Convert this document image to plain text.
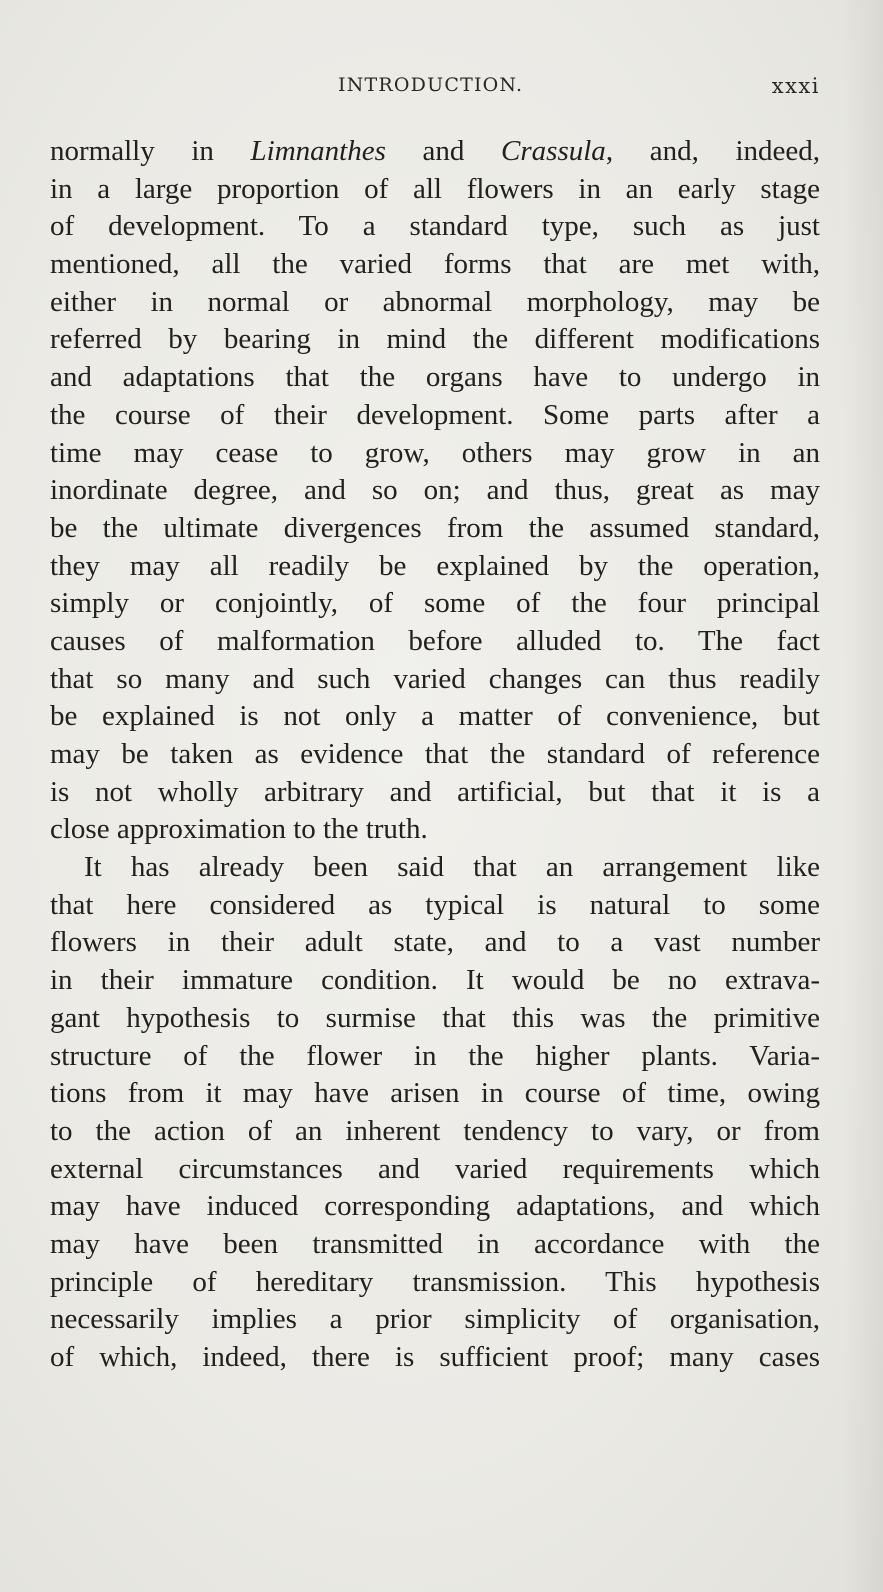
INTRODUCTION.	xxxi
normally in Limnanthes and Crassula, and, indeed,
in a large proportion of all flowers in an early stage
of development. To a standard type, such as just
mentioned, all the varied forms that are met with,
either in normal or abnormal morphology, may be
referred by bearing in mind the different modifications
and adaptations that the organs have to undergo in
the course of their development. Some parts after a
time may cease to grow, others may grow in an
inordinate degree, and so on; and thus, great as may
be the ultimate divergences from the assumed standard,
they may all readily be explained by the operation,
simply or conjointly, of some of the four principal
causes of malformation before alluded to. The fact
that so many and such varied changes can thus readily
be explained is not only a matter of convenience, but
may be taken as evidence that the standard of reference
is not wholly arbitrary and artificial, but that it is a
close approximation to the truth.
It has already been said that an arrangement like
that here considered as typical is natural to some
flowers in their adult state, and to a vast number
in their immature condition. It would be no extrava-
gant hypothesis to surmise that this was the primitive
structure of the flower in the higher plants. Varia-
tions from it may have arisen in course of time, owing
to the action of an inherent tendency to vary, or from
external circumstances and varied requirements which
may have induced corresponding adaptations, and which
may have been transmitted in accordance with the
principle of hereditary transmission. This hypothesis
necessarily implies a prior simplicity of organisation,
of which, indeed, there is sufficient proof; many cases
